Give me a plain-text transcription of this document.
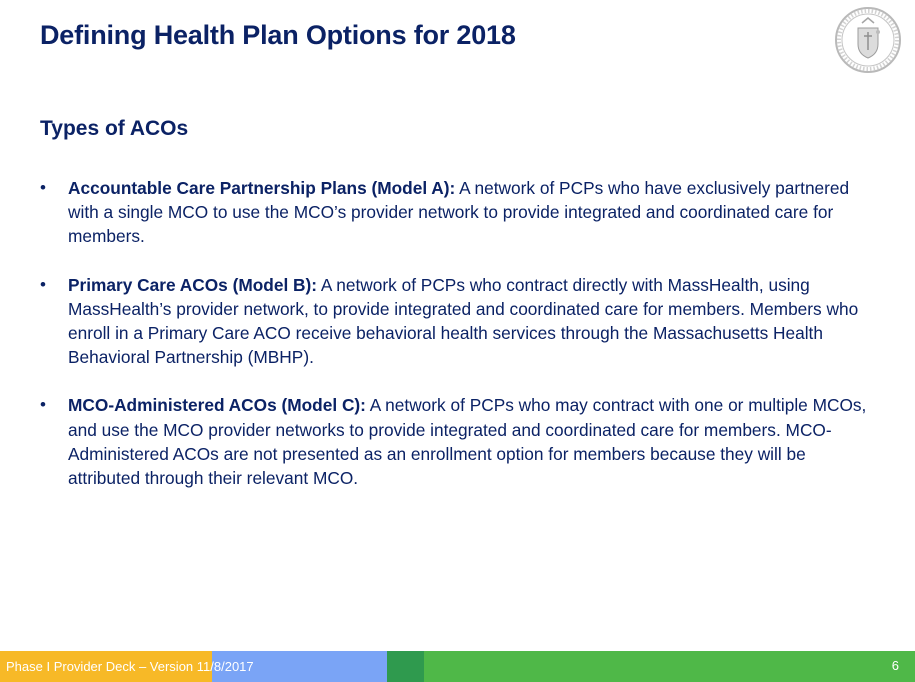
Defining Health Plan Options for 2018
Types of ACOs
• Accountable Care Partnership Plans (Model A): A network of PCPs who have exclusively partnered with a single MCO to use the MCO’s provider network to provide integrated and coordinated care for members.
• Primary Care ACOs (Model B): A network of PCPs who contract directly with MassHealth, using MassHealth’s provider network, to provide integrated and coordinated care for members. Members who enroll in a Primary Care ACO receive behavioral health services through the Massachusetts Health Behavioral Partnership (MBHP).
• MCO-Administered ACOs (Model C): A network of PCPs who may contract with one or multiple MCOs, and use the MCO provider networks to provide integrated and coordinated care for members. MCO-Administered ACOs are not presented as an enrollment option for members because they will be attributed through their relevant MCO.
Phase I Provider Deck – Version 11/8/2017	6
